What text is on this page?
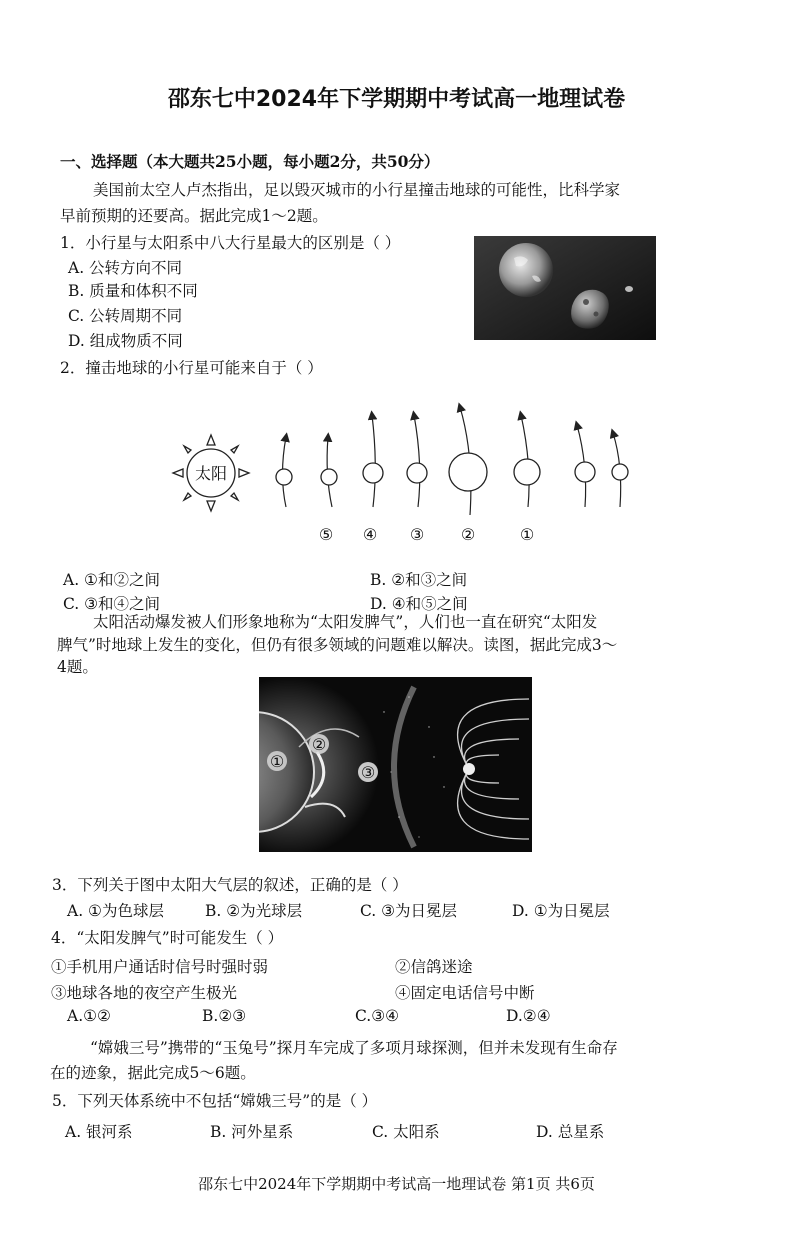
邵东七中2024年下学期期中考试高一地理试卷
一、选择题（本大题共25小题，每小题2分，共50分）
美国前太空人卢杰指出，足以毁灭城市的小行星撞击地球的可能性，比科学家
早前预期的还要高。据此完成1～2题。
1．小行星与太阳系中八大行星最大的区别是（ ）
A. 公转方向不同
B. 质量和体积不同
C. 公转周期不同
D. 组成物质不同
2．撞击地球的小行星可能来自于（ ）
太阳
⑤ ④ ③ ②	①
A. ①和②之间	B. ②和③之间
C. ③和④之间	D. ④和⑤之间
太阳活动爆发被人们形象地称为“太阳发脾气”，人们也一直在研究“太阳发
脾气”时地球上发生的变化，但仍有很多领域的问题难以解决。读图，据此完成3～
4题。
①
②
③
3．下列关于图中太阳大气层的叙述，正确的是（ ）
A. ①为色球层	B. ②为光球层	C. ③为日冕层	D. ①为日冕层
4．“太阳发脾气”时可能发生（ ）
①手机用户通话时信号时强时弱	②信鸽迷途
③地球各地的夜空产生极光	④固定电话信号中断
A.①②	B.②③	C.③④	D.②④
“嫦娥三号”携带的“玉兔号”探月车完成了多项月球探测，但并未发现有生命存
在的迹象，据此完成5～6题。
5．下列天体系统中不包括“嫦娥三号”的是（ ）
A. 银河系	B. 河外星系	C. 太阳系	D. 总星系
邵东七中2024年下学期期中考试高一地理试卷 第1页 共6页
